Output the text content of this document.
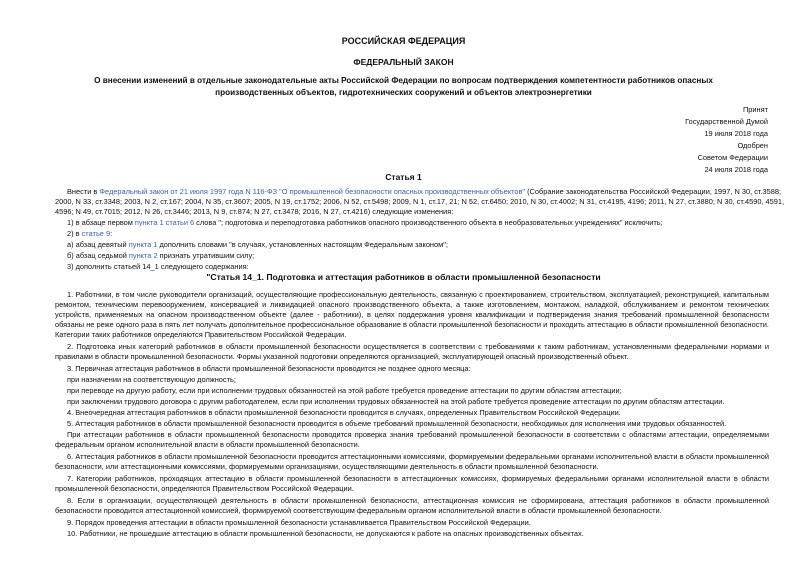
РОССИЙСКАЯ ФЕДЕРАЦИЯ
ФЕДЕРАЛЬНЫЙ ЗАКОН
О внесении изменений в отдельные законодательные акты Российской Федерации по вопросам подтверждения компетентности работников опасных
производственных объектов, гидротехнических сооружений и объектов электроэнергетики
Принят
Государственной Думой
19 июля 2018 года
Одобрен
Советом Федерации
24 июля 2018 года
Статья 1
Внести в Федеральный закон от 21 июля 1997 года N 116-ФЗ "О промышленной безопасности опасных производственных объектов" (Собрание законодательства Российской Федерации, 1997, N 30, ст.3588;
2000, N 33, ст.3348; 2003, N 2, ст.167; 2004, N 35, ст.3607; 2005, N 19, ст.1752; 2006, N 52, ст.5498; 2009, N 1, ст.17, 21; N 52, ст.6450; 2010, N 30, ст.4002; N 31, ст.4195, 4196; 2011, N 27, ст.3880; N 30, ст.4590, 4591,
4596; N 49, ст.7015; 2012, N 26, ст.3446; 2013, N 9, ст.874; N 27, ст.3478; 2016, N 27, ст.4216) следующие изменения:
1) в абзаце первом пункта 1 статьи 6 слова "; подготовка и переподготовка работников опасного производственного объекта в необразовательных учреждениях" исключить;
2) в статье 9:
а) абзац девятый пункта 1 дополнить словами "в случаях, установленных настоящим Федеральным законом";
б) абзац седьмой пункта 2 признать утратившим силу;
3) дополнить статьей 14_1 следующего содержания:
"Статья 14_1. Подготовка и аттестация работников в области промышленной безопасности
1. Работники, в том числе руководители организаций, осуществляющие профессиональную деятельность, связанную с проектированием, строительством, эксплуатацией, реконструкцией, капитальным ремонтом, техническим перевооружением, консервацией и ликвидацией опасного производственного объекта, а также изготовлением, монтажом, наладкой, обслуживанием и ремонтом технических устройств, применяемых на опасном производственном объекте (далее - работники), в целях поддержания уровня квалификации и подтверждения знания требований промышленной безопасности обязаны не реже одного раза в пять лет получать дополнительное профессиональное образование в области промышленной безопасности и проходить аттестацию в области промышленной безопасности. Категории таких работников определяются Правительством Российской Федерации.
2. Подготовка иных категорий работников в области промышленной безопасности осуществляется в соответствии с требованиями к таким работникам, установленными федеральными нормами и правилами в области промышленной безопасности. Формы указанной подготовки определяются организацией, эксплуатирующей опасный производственный объект.
3. Первичная аттестация работников в области промышленной безопасности проводится не позднее одного месяца:
при назначении на соответствующую должность;
при переводе на другую работу, если при исполнении трудовых обязанностей на этой работе требуется проведение аттестации по другим областям аттестации;
при заключении трудового договора с другим работодателем, если при исполнении трудовых обязанностей на этой работе требуется проведение аттестации по другим областям аттестации.
4. Внеочередная аттестация работников в области промышленной безопасности проводится в случаях, определенных Правительством Российской Федерации.
5. Аттестация работников в области промышленной безопасности проводится в объеме требований промышленной безопасности, необходимых для исполнения ими трудовых обязанностей.
При аттестации работников в области промышленной безопасности проводится проверка знания требований промышленной безопасности в соответствии с областями аттестации, определяемыми федеральным органом исполнительной власти в области промышленной безопасности.
6. Аттестация работников в области промышленной безопасности проводится аттестационными комиссиями, формируемыми федеральными органами исполнительной власти в области промышленной безопасности, или аттестационными комиссиями, формируемыми организациями, осуществляющими деятельность в области промышленной безопасности.
7. Категории работников, проходящих аттестацию в области промышленной безопасности в аттестационных комиссиях, формируемых федеральными органами исполнительной власти в области промышленной безопасности, определяются Правительством Российской Федерации.
8. Если в организации, осуществляющей деятельность в области промышленной безопасности, аттестационная комиссия не сформирована, аттестация работников в области промышленной безопасности проводится аттестационной комиссией, формируемой соответствующим федеральным органом исполнительной власти в области промышленной безопасности.
9. Порядок проведения аттестации в области промышленной безопасности устанавливается Правительством Российской Федерации.
10. Работники, не прошедшие аттестацию в области промышленной безопасности, не допускаются к работе на опасных производственных объектах.
